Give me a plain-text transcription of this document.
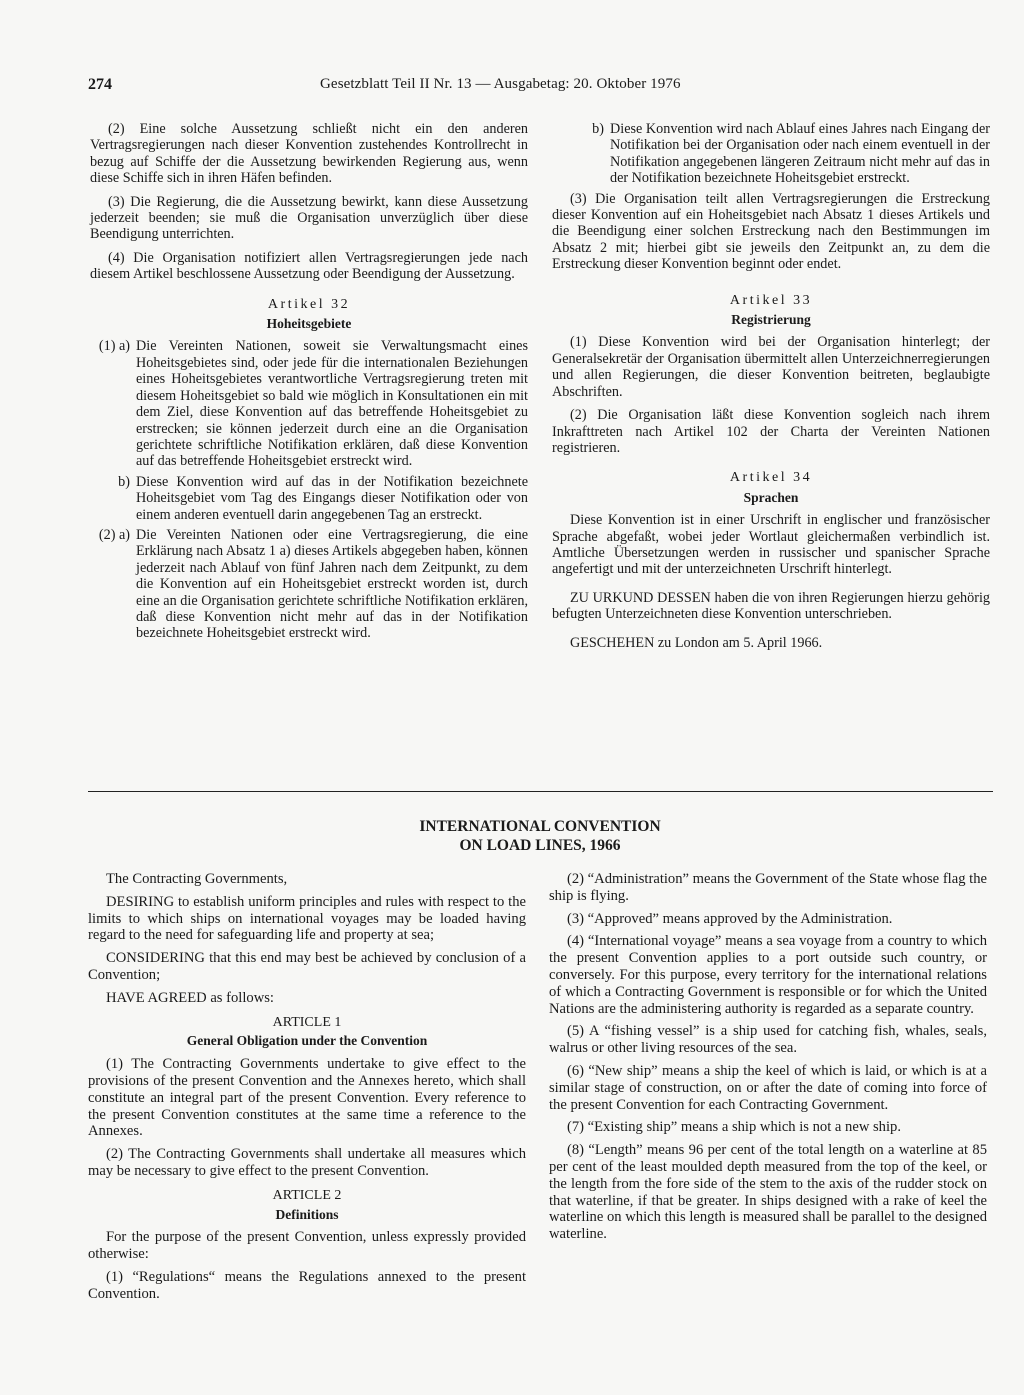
274	Gesetzblatt Teil II Nr. 13 — Ausgabetag: 20. Oktober 1976

(2) Eine solche Aussetzung schließt nicht ein den anderen Vertragsregierungen nach dieser Konvention zustehendes Kontrollrecht in bezug auf Schiffe der die Aussetzung bewirkenden Regierung aus, wenn diese Schiffe sich in ihren Häfen befinden.

(3) Die Regierung, die die Aussetzung bewirkt, kann diese Aussetzung jederzeit beenden; sie muß die Organisation unverzüglich über diese Beendigung unterrichten.

(4) Die Organisation notifiziert allen Vertragsregierungen jede nach diesem Artikel beschlossene Aussetzung oder Beendigung der Aussetzung.

Artikel 32
Hoheitsgebiete
(1) a) Die Vereinten Nationen, soweit sie Verwaltungsmacht eines Hoheitsgebietes sind, oder jede für die internationalen Beziehungen eines Hoheitsgebietes verantwortliche Vertragsregierung treten mit diesem Hoheitsgebiet so bald wie möglich in Konsultationen ein mit dem Ziel, diese Konvention auf das betreffende Hoheitsgebiet zu erstrecken; sie können jederzeit durch eine an die Organisation gerichtete schriftliche Notifikation erklären, daß diese Konvention auf das betreffende Hoheitsgebiet erstreckt wird.
b) Diese Konvention wird auf das in der Notifikation bezeichnete Hoheitsgebiet vom Tag des Eingangs dieser Notifikation oder von einem anderen eventuell darin angegebenen Tag an erstreckt.
(2) a) Die Vereinten Nationen oder eine Vertragsregierung, die eine Erklärung nach Absatz 1 a) dieses Artikels abgegeben haben, können jederzeit nach Ablauf von fünf Jahren nach dem Zeitpunkt, zu dem die Konvention auf ein Hoheitsgebiet erstreckt worden ist, durch eine an die Organisation gerichtete schriftliche Notifikation erklären, daß diese Konvention nicht mehr auf das in der Notifikation bezeichnete Hoheitsgebiet erstreckt wird.
b) Diese Konvention wird nach Ablauf eines Jahres nach Eingang der Notifikation bei der Organisation oder nach einem eventuell in der Notifikation angegebenen längeren Zeitraum nicht mehr auf das in der Notifikation bezeichnete Hoheitsgebiet erstreckt.

(3) Die Organisation teilt allen Vertragsregierungen die Erstreckung dieser Konvention auf ein Hoheitsgebiet nach Absatz 1 dieses Artikels und die Beendigung einer solchen Erstreckung nach den Bestimmungen im Absatz 2 mit; hierbei gibt sie jeweils den Zeitpunkt an, zu dem die Erstreckung dieser Konvention beginnt oder endet.

Artikel 33
Registrierung

(1) Diese Konvention wird bei der Organisation hinterlegt; der Generalsekretär der Organisation übermittelt allen Unterzeichnerregierungen und allen Regierungen, die dieser Konvention beitreten, beglaubigte Abschriften.

(2) Die Organisation läßt diese Konvention sogleich nach ihrem Inkrafttreten nach Artikel 102 der Charta der Vereinten Nationen registrieren.

Artikel 34
Sprachen

Diese Konvention ist in einer Urschrift in englischer und französischer Sprache abgefaßt, wobei jeder Wortlaut gleichermaßen verbindlich ist. Amtliche Übersetzungen werden in russischer und spanischer Sprache angefertigt und mit der unterzeichneten Urschrift hinterlegt.

ZU URKUND DESSEN haben die von ihren Regierungen hierzu gehörig befugten Unterzeichneten diese Konvention unterschrieben.

GESCHEHEN zu London am 5. April 1966.

INTERNATIONAL CONVENTION
ON LOAD LINES, 1966

The Contracting Governments,

DESIRING to establish uniform principles and rules with respect to the limits to which ships on international voyages may be loaded having regard to the need for safeguarding life and property at sea;

CONSIDERING that this end may best be achieved by conclusion of a Convention;

HAVE AGREED as follows:

ARTICLE 1
General Obligation under the Convention

(1) The Contracting Governments undertake to give effect to the provisions of the present Convention and the Annexes hereto, which shall constitute an integral part of the present Convention. Every reference to the present Convention constitutes at the same time a reference to the Annexes.

(2) The Contracting Governments shall undertake all measures which may be necessary to give effect to the present Convention.

ARTICLE 2
Definitions

For the purpose of the present Convention, unless expressly provided otherwise:

(1) “Regulations“ means the Regulations annexed to the present Convention.

(2) “Administration” means the Government of the State whose flag the ship is flying.

(3) “Approved” means approved by the Administration.

(4) “International voyage” means a sea voyage from a country to which the present Convention applies to a port outside such country, or conversely. For this purpose, every territory for the international relations of which a Contracting Government is responsible or for which the United Nations are the administering authority is regarded as a separate country.

(5) A “fishing vessel” is a ship used for catching fish, whales, seals, walrus or other living resources of the sea.

(6) “New ship” means a ship the keel of which is laid, or which is at a similar stage of construction, on or after the date of coming into force of the present Convention for each Contracting Government.

(7) “Existing ship” means a ship which is not a new ship.

(8) “Length” means 96 per cent of the total length on a waterline at 85 per cent of the least moulded depth measured from the top of the keel, or the length from the fore side of the stem to the axis of the rudder stock on that waterline, if that be greater. In ships designed with a rake of keel the waterline on which this length is measured shall be parallel to the designed waterline.
